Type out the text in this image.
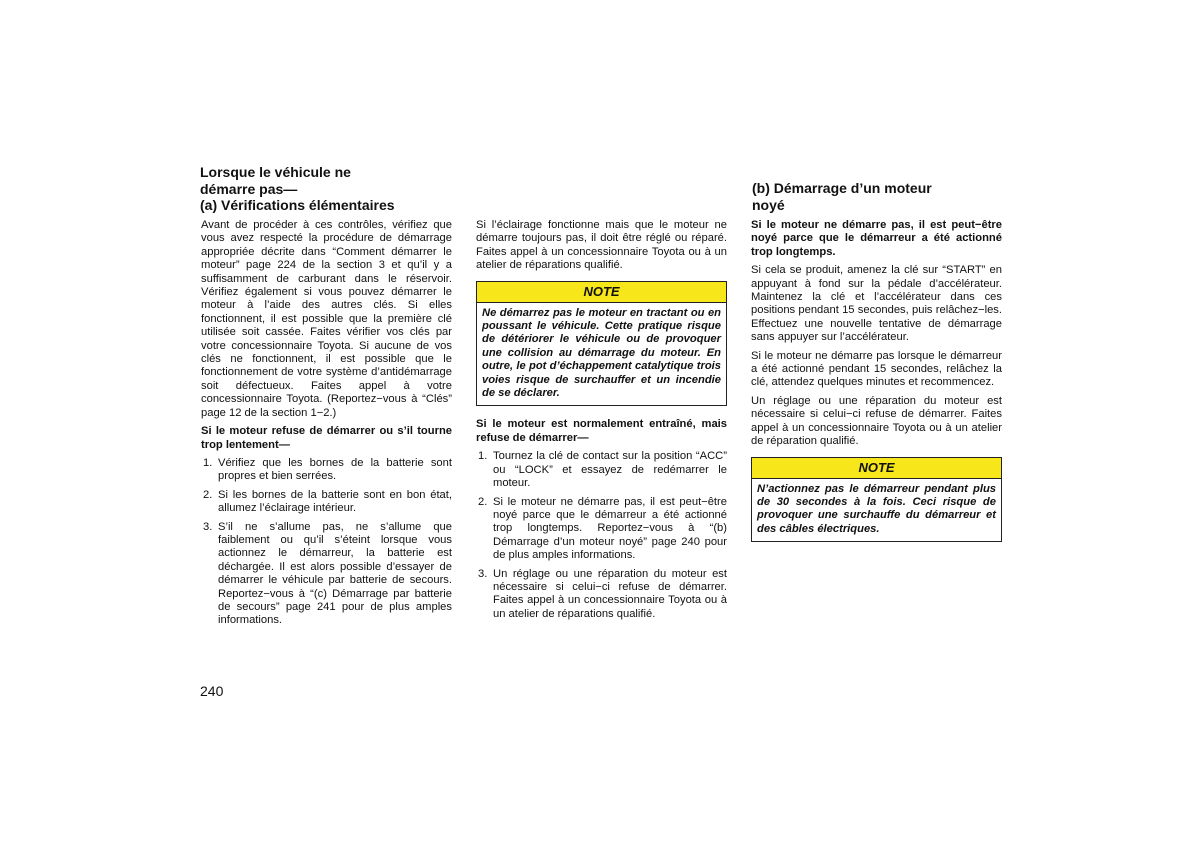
Lorsque le véhicule ne
démarre pas—
(a) Vérifications élémentaires

Avant de procéder à ces contrôles, vérifiez que vous avez respecté la procédure de démarrage appropriée décrite dans “Comment démarrer le moteur” page 224 de la section 3 et qu’il y a suffisamment de carburant dans le réservoir. Vérifiez également si vous pouvez démarrer le moteur à l’aide des autres clés. Si elles fonctionnent, il est possible que la première clé utilisée soit cassée. Faites vérifier vos clés par votre concessionnaire Toyota. Si aucune de vos clés ne fonctionnent, il est possible que le fonctionnement de votre système d’antidémarrage soit défectueux. Faites appel à votre concessionnaire Toyota. (Reportez−vous à “Clés” page 12 de la section 1−2.)

Si le moteur refuse de démarrer ou s’il tourne trop lentement—

1. Vérifiez que les bornes de la batterie sont propres et bien serrées.
2. Si les bornes de la batterie sont en bon état, allumez l’éclairage intérieur.
3. S’il ne s’allume pas, ne s’allume que faiblement ou qu’il s’éteint lorsque vous actionnez le démarreur, la batterie est déchargée. Il est alors possible d’essayer de démarrer le véhicule par batterie de secours. Reportez−vous à “(c) Démarrage par batterie de secours” page 241 pour de plus amples informations.

Si l’éclairage fonctionne mais que le moteur ne démarre toujours pas, il doit être réglé ou réparé. Faites appel à un concessionnaire Toyota ou à un atelier de réparations qualifié.

NOTE
Ne démarrez pas le moteur en tractant ou en poussant le véhicule. Cette pratique risque de détériorer le véhicule ou de provoquer une collision au démarrage du moteur. En outre, le pot d’échappement catalytique trois voies risque de surchauffer et un incendie de se déclarer.

Si le moteur est normalement entraîné, mais refuse de démarrer—

1. Tournez la clé de contact sur la position “ACC” ou “LOCK” et essayez de redémarrer le moteur.
2. Si le moteur ne démarre pas, il est peut−être noyé parce que le démarreur a été actionné trop longtemps. Reportez−vous à “(b) Démarrage d’un moteur noyé” page 240 pour de plus amples informations.
3. Un réglage ou une réparation du moteur est nécessaire si celui−ci refuse de démarrer. Faites appel à un concessionnaire Toyota ou à un atelier de réparations qualifié.
(b) Démarrage d’un moteur
noyé

Si le moteur ne démarre pas, il est peut−être noyé parce que le démarreur a été actionné trop longtemps.

Si cela se produit, amenez la clé sur “START” en appuyant à fond sur la pédale d’accélérateur. Maintenez la clé et l’accélérateur dans ces positions pendant 15 secondes, puis relâchez−les. Effectuez une nouvelle tentative de démarrage sans appuyer sur l’accélérateur.

Si le moteur ne démarre pas lorsque le démarreur a été actionné pendant 15 secondes, relâchez la clé, attendez quelques minutes et recommencez.

Un réglage ou une réparation du moteur est nécessaire si celui−ci refuse de démarrer. Faites appel à un concessionnaire Toyota ou à un atelier de réparation qualifié.

NOTE
N’actionnez pas le démarreur pendant plus de 30 secondes à la fois. Ceci risque de provoquer une surchauffe du démarreur et des câbles électriques.
240
